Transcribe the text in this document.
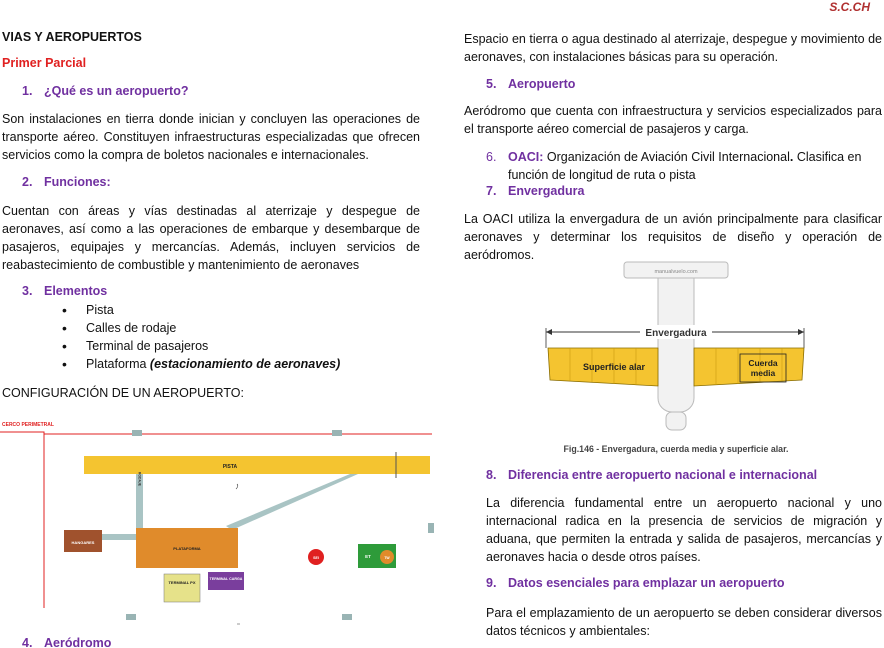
S.C.CH
VIAS Y AEROPUERTOS
Primer Parcial
1. ¿Qué es un aeropuerto?
Son instalaciones en tierra donde inician y concluyen las operaciones de transporte aéreo. Constituyen infraestructuras especializadas que ofrecen servicios como la compra de boletos nacionales e internacionales.
2. Funciones:
Cuentan con áreas y vías destinadas al aterrizaje y despegue de aeronaves, así como a las operaciones de embarque y desembarque de pasajeros, equipajes y mercancías. Además, incluyen servicios de reabastecimiento de combustible y mantenimiento de aeronaves
3. Elementos
• Pista
• Calles de rodaje
• Terminal de pasajeros
• Plataforma (estacionamiento de aeronaves)
CONFIGURACIÓN DE UN AEROPUERTO:
CERCO PERIMETRAL
PISTA
RODAJE
HANGARES
PLATAFORMA
TERMINAL PX
TERMINAL CARGA
SEI	ET	TW
4. Aeródromo
Espacio en tierra o agua destinado al aterrizaje, despegue y movimiento de aeronaves, con instalaciones básicas para su operación.
5. Aeropuerto
Aeródromo que cuenta con infraestructura y servicios especializados para el transporte aéreo comercial de pasajeros y carga.
6. OACI: Organización de Aviación Civil Internacional. Clasifica en
función de longitud de ruta o pista
7. Envergadura
La OACI utiliza la envergadura de un avión principalmente para clasificar aeronaves y determinar los requisitos de diseño y operación de aeródromos.
manualvuelo.com
Envergadura
Superficie alar	Cuerda
media
Fig.146 - Envergadura, cuerda media y superficie alar.
8. Diferencia entre aeropuerto nacional e internacional
La diferencia fundamental entre un aeropuerto nacional y uno internacional radica en la presencia de servicios de migración y aduana, que permiten la entrada y salida de pasajeros, mercancías y aeronaves hacia o desde otros países.
9. Datos esenciales para emplazar un aeropuerto
Para el emplazamiento de un aeropuerto se deben considerar diversos datos técnicos y ambientales:
